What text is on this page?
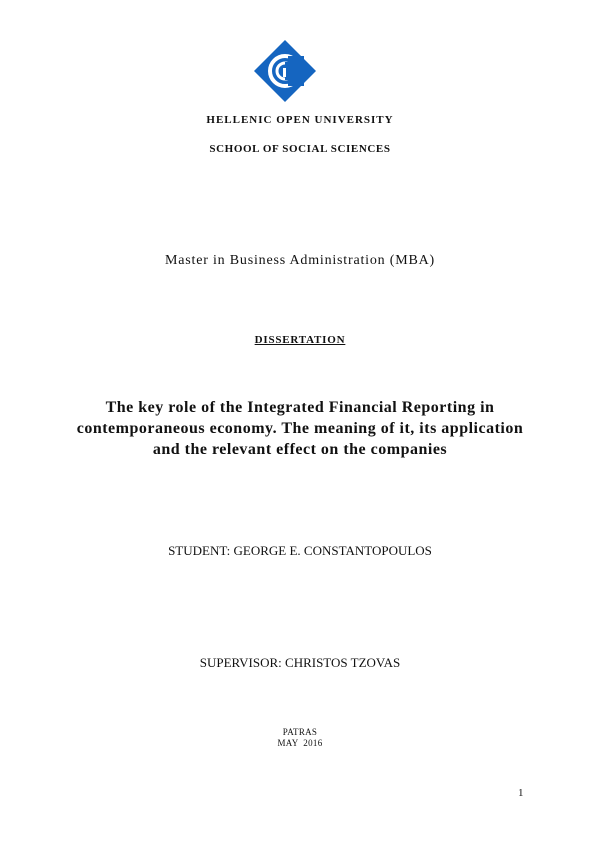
HELLENIC OPEN UNIVERSITY
SCHOOL OF SOCIAL SCIENCES
Master in Business Administration (MBA)
DISSERTATION
The key role of the Integrated Financial Reporting in
contemporaneous economy. The meaning of it, its application
and the relevant effect on the companies
STUDENT: GEORGE E. CONSTANTOPOULOS
SUPERVISOR: CHRISTOS TZOVAS
PATRAS
MAY  2016
1
